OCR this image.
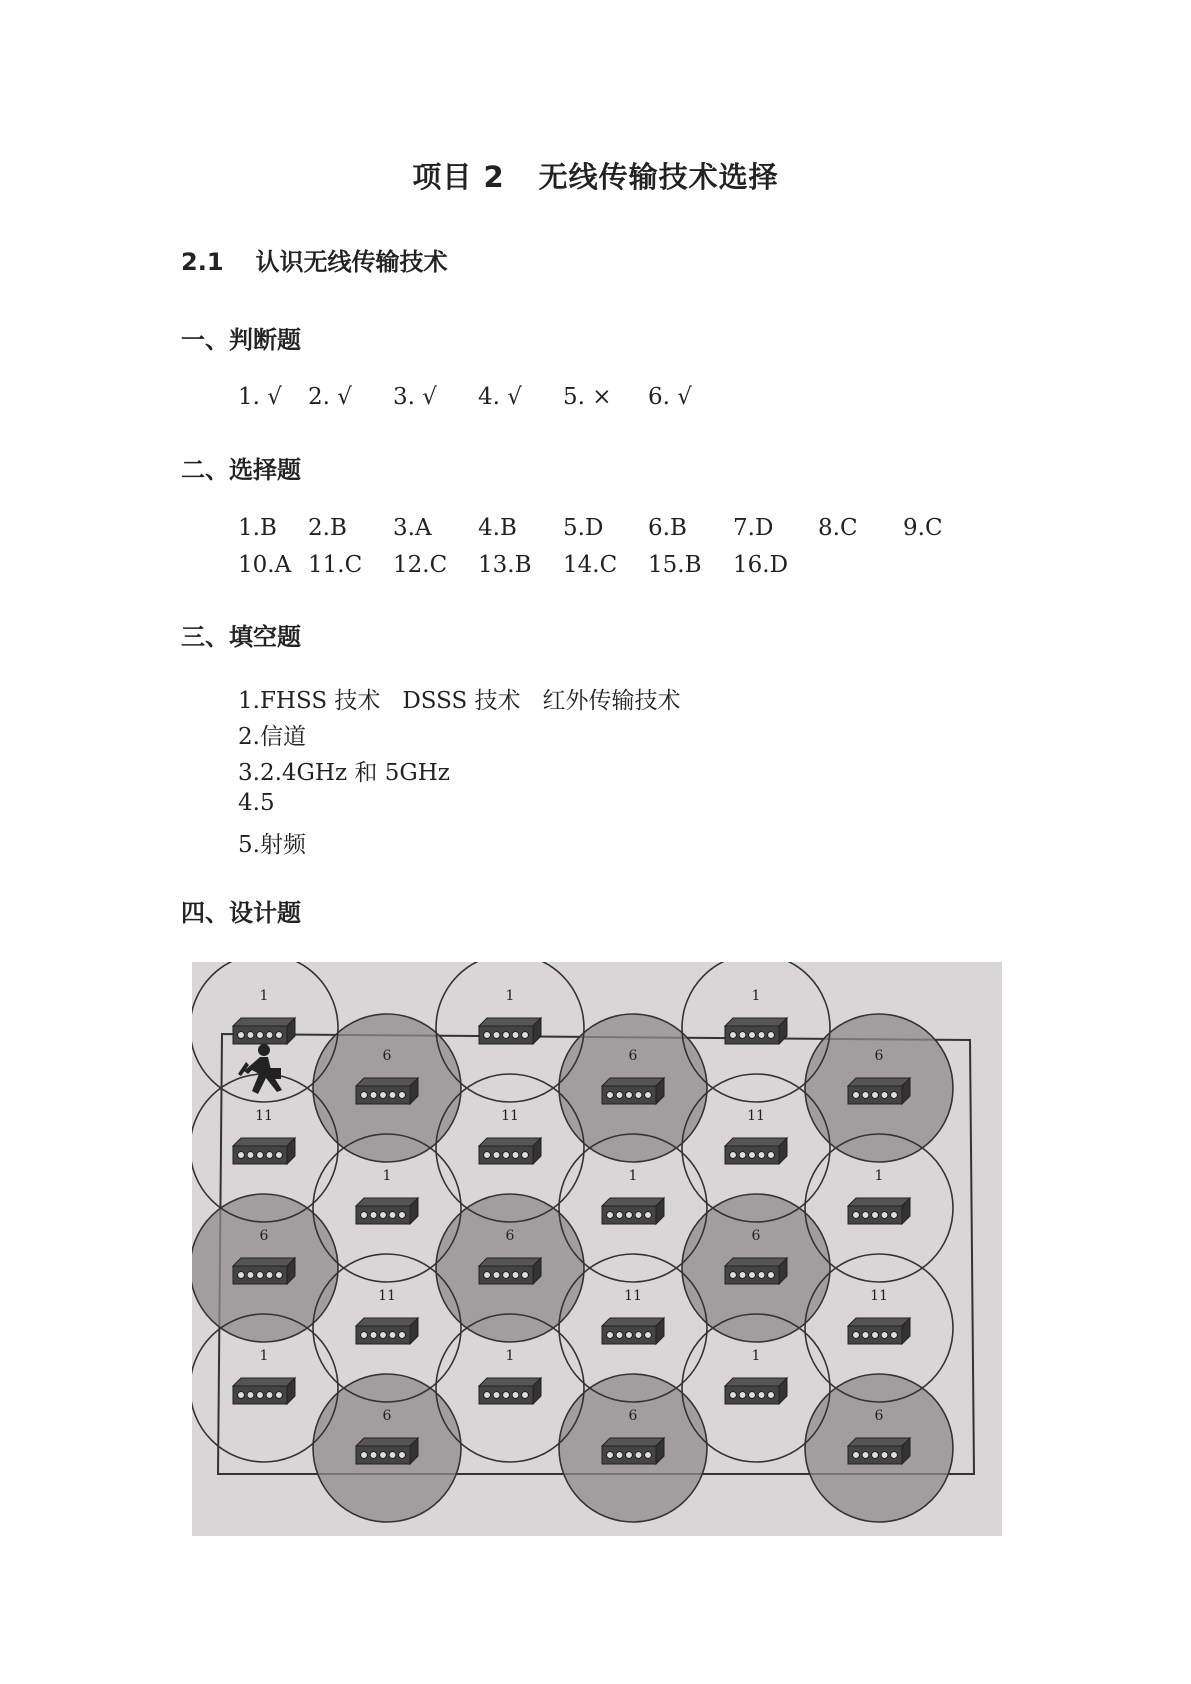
项目 2 无线传输技术选择
2.1 认识无线传输技术
一、判断题
1. √ 2. √ 3. √ 4. √ 5. × 6. √
二、选择题
1.B 2.B 3.A 4.B 5.D 6.B 7.D 8.C 9.C
10.A 11.C 12.C 13.B 14.C 15.B 16.D
三、填空题
1.FHSS 技术   DSSS 技术   红外传输技术
2.信道
3.2.4GHz 和 5GHz
4.5
5.射频
四、设计题
6	6	6
6	6	6
6	6	6
1	1	1
11
1
11
1
11
1
11	11	11
1	1	1
